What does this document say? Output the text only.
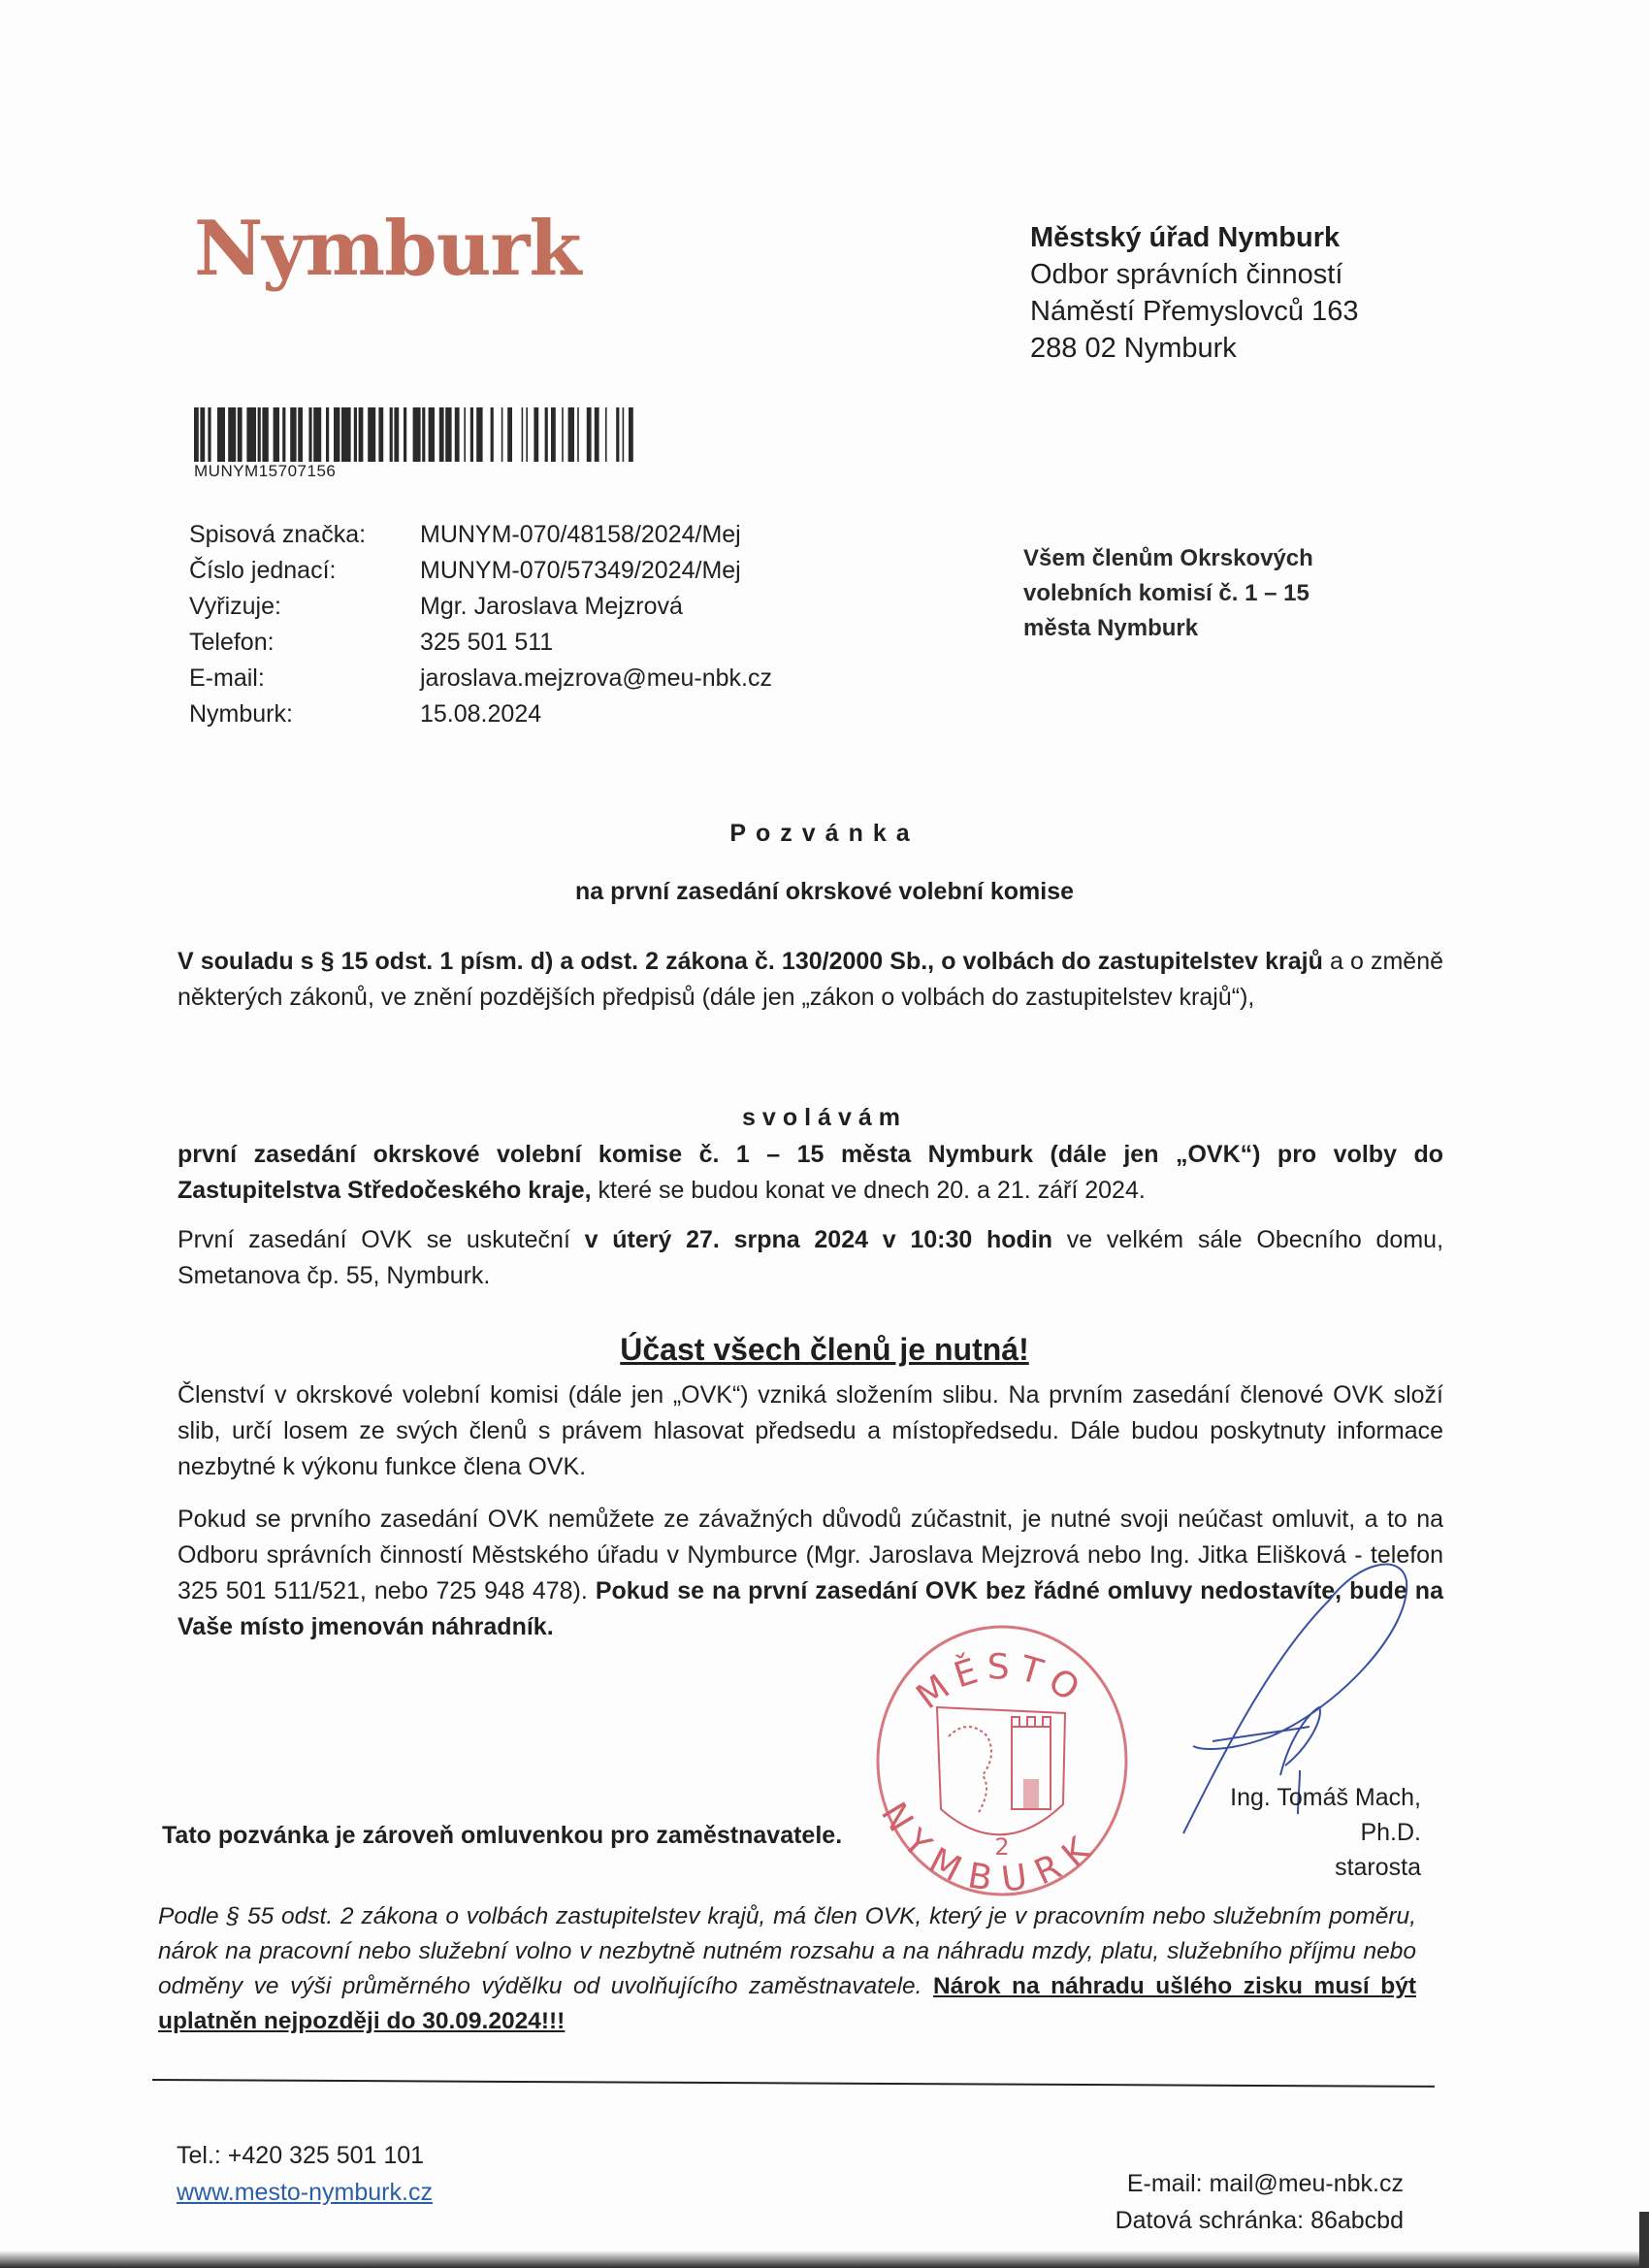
Nymburk	Městský úřad Nymburk
Odbor správních činností
Náměstí Přemyslovců 163
288 02 Nymburk
MUNYM15707156
Spisová značka:	MUNYM-070/48158/2024/Mej
Číslo jednací:	MUNYM-070/57349/2024/Mej
Vyřizuje:	Mgr. Jaroslava Mejzrová
Telefon:	325 501 511
E-mail:	jaroslava.mejzrova@meu-nbk.cz
Nymburk:	15.08.2024
Všem členům Okrskových
volebních komisí č. 1 – 15
města Nymburk
Pozvánka
na první zasedání okrskové volební komise
V souladu s § 15 odst. 1 písm. d) a odst. 2 zákona č. 130/2000 Sb., o volbách do zastupitelstev krajů a o změně některých zákonů, ve znění pozdějších předpisů (dále jen „zákon o volbách do zastupitelstev krajů“),
svolávám
první zasedání okrskové volební komise č. 1 – 15 města Nymburk (dále jen „OVK“) pro volby do Zastupitelstva Středočeského kraje, které se budou konat ve dnech 20. a 21. září 2024.
První zasedání OVK se uskuteční v úterý 27. srpna 2024 v 10:30 hodin ve velkém sále Obecního domu, Smetanova čp. 55, Nymburk.
Účast všech členů je nutná!
Členství v okrskové volební komisi (dále jen „OVK“) vzniká složením slibu. Na prvním zasedání členové OVK složí slib, určí losem ze svých členů s právem hlasovat předsedu a místopředsedu. Dále budou poskytnuty informace nezbytné k výkonu funkce člena OVK.
Pokud se prvního zasedání OVK nemůžete ze závažných důvodů zúčastnit, je nutné svoji neúčast omluvit, a to na Odboru správních činností Městského úřadu v Nymburce (Mgr. Jaroslava Mejzrová nebo Ing. Jitka Elišková - telefon 325 501 511/521, nebo 725 948 478). Pokud se na první zasedání OVK bez řádné omluvy nedostavíte, bude na Vaše místo jmenován náhradník.
MĚSTO
NYMBURK
2
Ing. Tomáš Mach, Ph.D.
starosta
Tato pozvánka je zároveň omluvenkou pro zaměstnavatele.
Podle § 55 odst. 2 zákona o volbách zastupitelstev krajů, má člen OVK, který je v pracovním nebo služebním poměru, nárok na pracovní nebo služební volno v nezbytně nutném rozsahu a na náhradu mzdy, platu, služebního příjmu nebo odměny ve výši průměrného výdělku od uvolňujícího zaměstnavatele. Nárok na náhradu ušlého zisku musí být uplatněn nejpozději do 30.09.2024!!!
Tel.: +420 325 501 101
www.mesto-nymburk.cz	E-mail: mail@meu-nbk.cz
Datová schránka: 86abcbd
